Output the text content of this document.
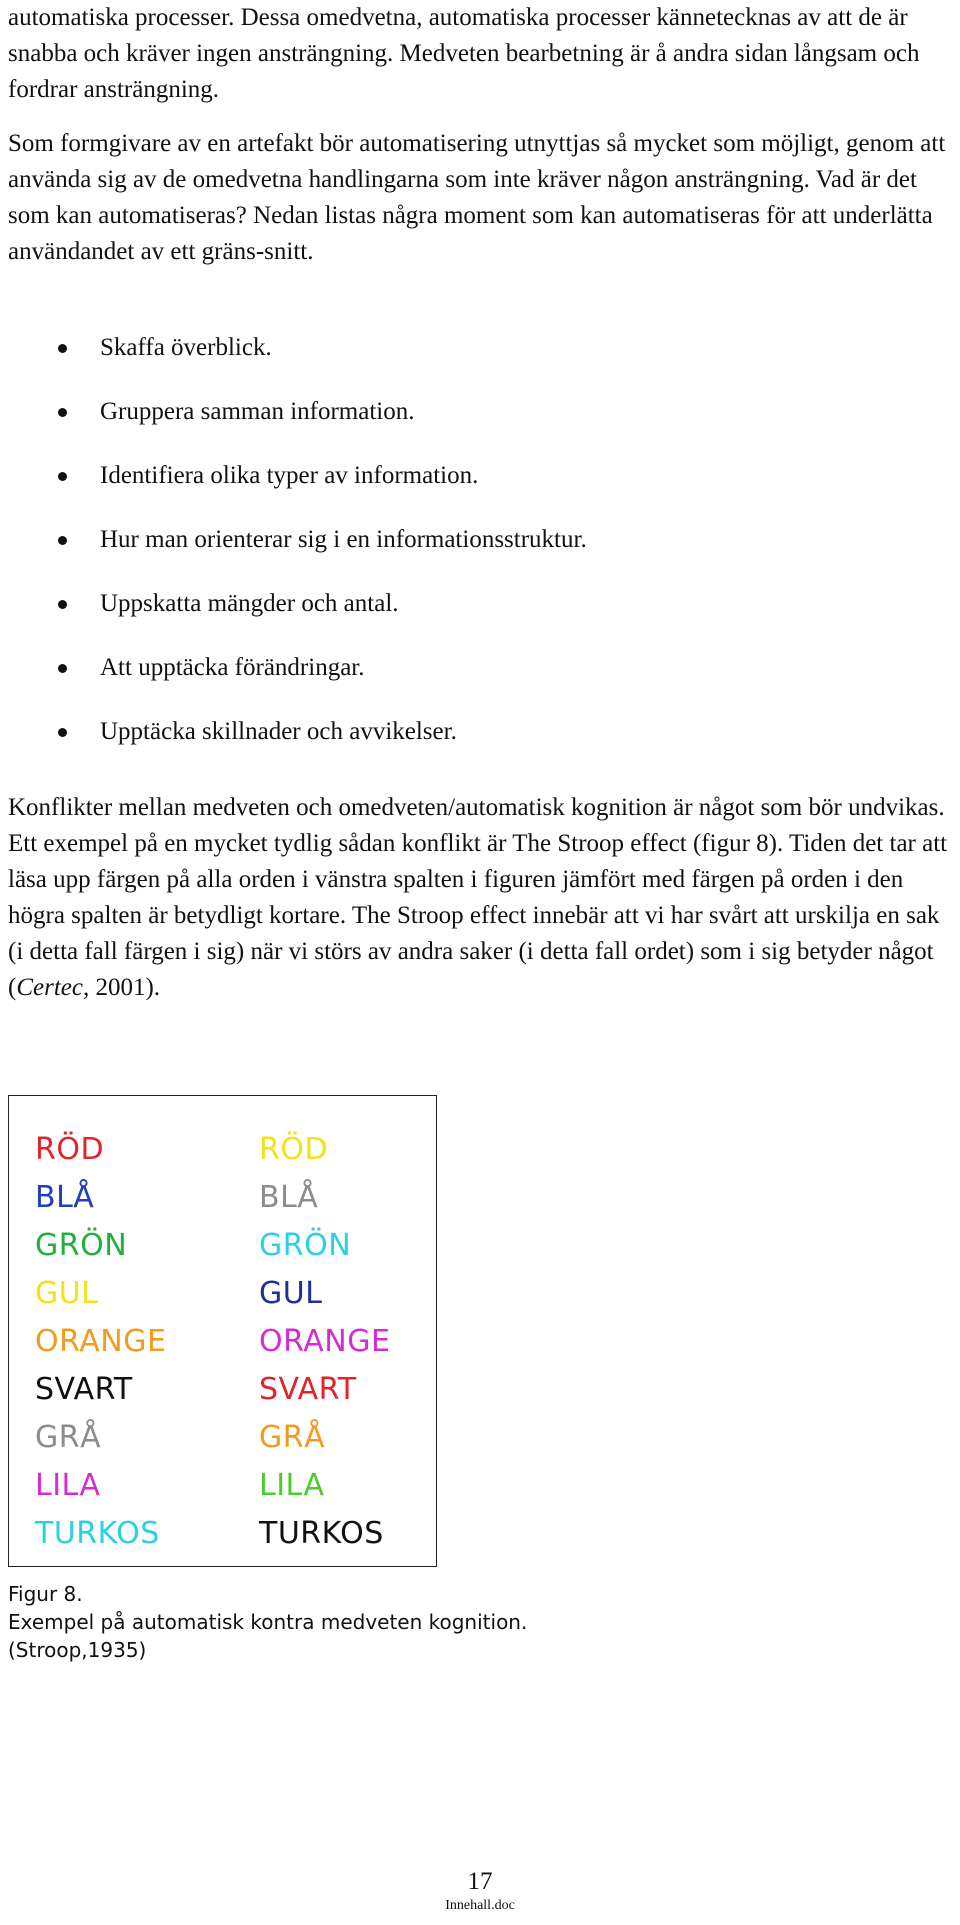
automatiska processer. Dessa omedvetna, automatiska processer kännetecknas av att de är snabba och kräver ingen ansträngning. Medveten bearbetning är å andra sidan långsam och fordrar ansträngning.

Som formgivare av en artefakt bör automatisering utnyttjas så mycket som möjligt, genom att använda sig av de omedvetna handlingarna som inte kräver någon ansträngning. Vad är det som kan automatiseras? Nedan listas några moment som kan automatiseras för att underlätta användandet av ett gräns-snitt.

Skaffa överblick.
Gruppera samman information.
Identifiera olika typer av information.
Hur man orienterar sig i en informationsstruktur.
Uppskatta mängder och antal.
Att upptäcka förändringar.
Upptäcka skillnader och avvikelser.

Konflikter mellan medveten och omedveten/automatisk kognition är något som bör undvikas. Ett exempel på en mycket tydlig sådan konflikt är The Stroop effect (figur 8). Tiden det tar att läsa upp färgen på alla orden i vänstra spalten i figuren jämfört med färgen på orden i den högra spalten är betydligt kortare. The Stroop effect innebär att vi har svårt att urskilja en sak (i detta fall färgen i sig) när vi störs av andra saker (i detta fall ordet) som i sig betyder något (Certec, 2001).

RÖD
BLÅ
GRÖN
GUL
ORANGE
SVART
GRÅ
LILA
TURKOS
RÖD
BLÅ
GRÖN
GUL
ORANGE
SVART
GRÅ
LILA
TURKOS
Figur 8.
Exempel på automatisk kontra medveten kognition.
(Stroop,1935)
17
Innehall.doc
